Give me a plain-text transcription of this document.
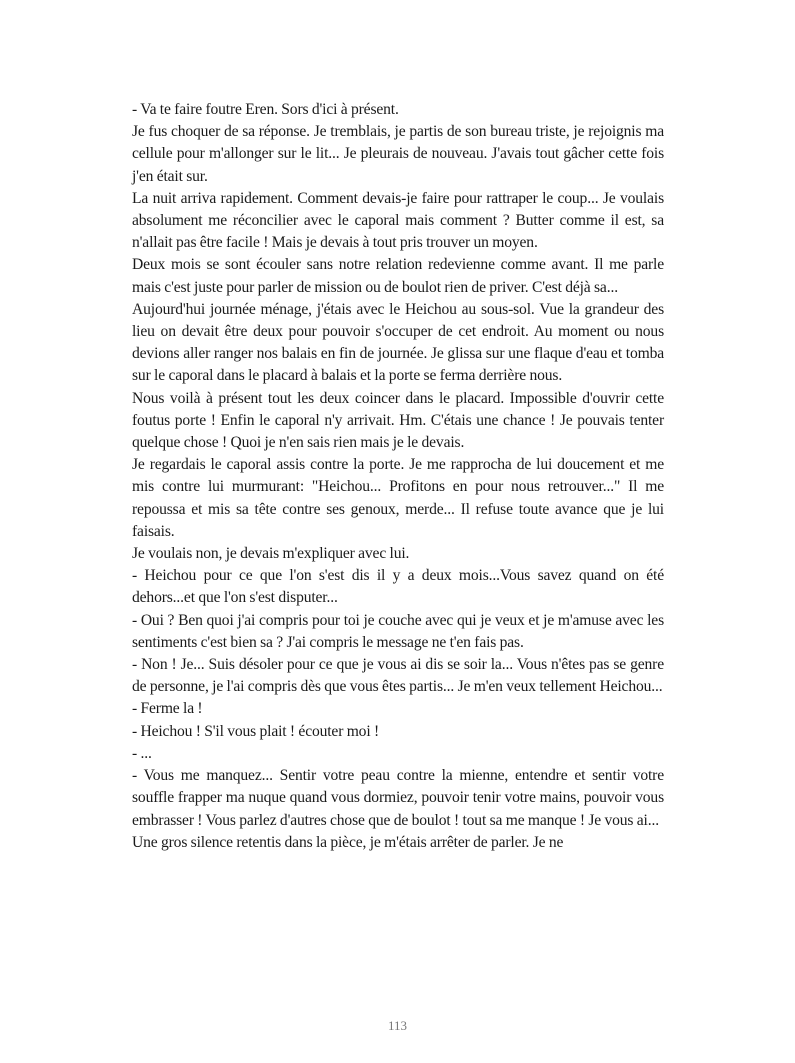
- Va te faire foutre Eren. Sors d'ici à présent.

Je fus choquer de sa réponse. Je tremblais, je partis de son bureau triste, je rejoignis ma cellule pour m'allonger sur le lit... Je pleurais de nouveau. J'avais tout gâcher cette fois j'en était sur.

La nuit arriva rapidement. Comment devais-je faire pour rattraper le coup... Je voulais absolument me réconcilier avec le caporal mais comment ? Butter comme il est, sa n'allait pas être facile ! Mais je devais à tout pris trouver un moyen.

Deux mois se sont écouler sans notre relation redevienne comme avant. Il me parle mais c'est juste pour parler de mission ou de boulot rien de priver. C'est déjà sa...

Aujourd'hui journée ménage, j'étais avec le Heichou au sous-sol. Vue la grandeur des lieu on devait être deux pour pouvoir s'occuper de cet endroit. Au moment ou nous devions aller ranger nos balais en fin de journée. Je glissa sur une flaque d'eau et tomba sur le caporal dans le placard à balais et la porte se ferma derrière nous.

Nous voilà à présent tout les deux coincer dans le placard. Impossible d'ouvrir cette foutus porte ! Enfin le caporal n'y arrivait. Hm. C'étais une chance ! Je pouvais tenter quelque chose ! Quoi je n'en sais rien mais je le devais.

Je regardais le caporal assis contre la porte. Je me rapprocha de lui doucement et me mis contre lui murmurant: "Heichou... Profitons en pour nous retrouver..." Il me repoussa et mis sa tête contre ses genoux, merde... Il refuse toute avance que je lui faisais.

Je voulais non, je devais m'expliquer avec lui.

- Heichou pour ce que l'on s'est dis il y a deux mois...Vous savez quand on été dehors...et que l'on s'est disputer...

- Oui ? Ben quoi j'ai compris pour toi je couche avec qui je veux et je m'amuse avec les sentiments c'est bien sa ? J'ai compris le message ne t'en fais pas.

- Non ! Je... Suis désoler pour ce que je vous ai dis se soir la... Vous n'êtes pas se genre de personne, je l'ai compris dès que vous êtes partis... Je m'en veux tellement Heichou...

- Ferme la !

- Heichou ! S'il vous plait ! écouter moi !

- ...

- Vous me manquez... Sentir votre peau contre la mienne, entendre et sentir votre souffle frapper ma nuque quand vous dormiez, pouvoir tenir votre mains, pouvoir vous embrasser ! Vous parlez d'autres chose que de boulot ! tout sa me manque ! Je vous ai...

Une gros silence retentis dans la pièce, je m'étais arrêter de parler. Je ne

113
